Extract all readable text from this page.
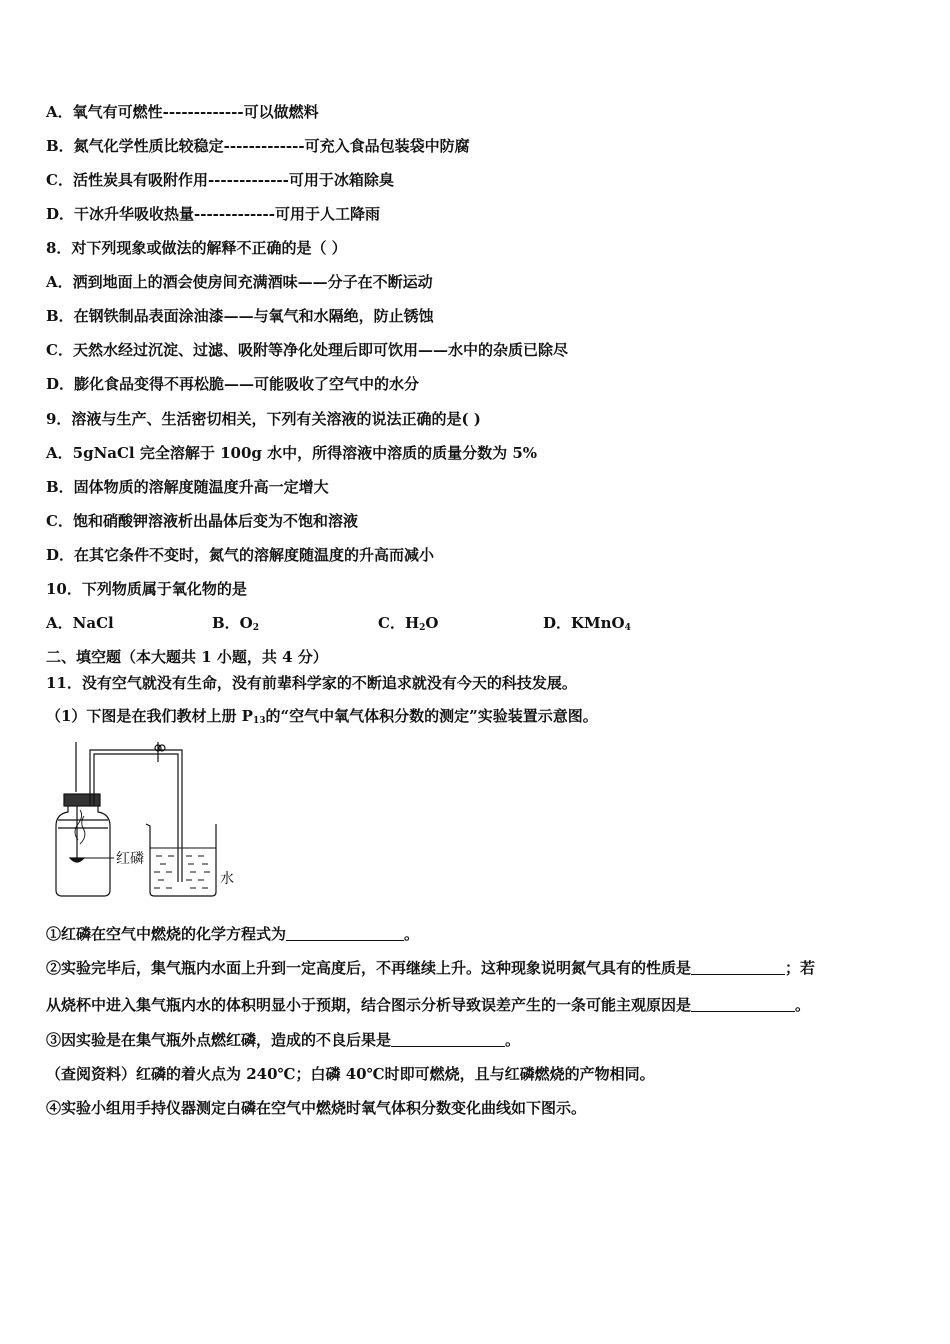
A．氧气有可燃性-------------可以做燃料
B．氮气化学性质比较稳定-------------可充入食品包装袋中防腐
C．活性炭具有吸附作用-------------可用于冰箱除臭
D．干冰升华吸收热量-------------可用于人工降雨
8．对下列现象或做法的解释不正确的是（ ）
A．洒到地面上的酒会使房间充满酒味——分子在不断运动
B．在钢铁制品表面涂油漆——与氧气和水隔绝，防止锈蚀
C．天然水经过沉淀、过滤、吸附等净化处理后即可饮用——水中的杂质已除尽
D．膨化食品变得不再松脆——可能吸收了空气中的水分
9．溶液与生产、生活密切相关，下列有关溶液的说法正确的是( )
A．5gNaCl 完全溶解于 100g 水中，所得溶液中溶质的质量分数为 5%
B．固体物质的溶解度随温度升高一定增大
C．饱和硝酸钾溶液析出晶体后变为不饱和溶液
D．在其它条件不变时，氮气的溶解度随温度的升高而减小
10．下列物质属于氧化物的是
A．NaCl	B．$O_2$	C．$H_2O$	D．KMnO$_4$
二、填空题（本大题共 1 小题，共 4 分）
11．没有空气就没有生命，没有前辈科学家的不断追求就没有今天的科技发展。
（1）下图是在我们教材上册 $P_{13}$的“空气中氧气体积分数的测定”实验装置示意图。
红磷
水
①红磷在空气中燃烧的化学方程式为	。
②实验完毕后，集气瓶内水面上升到一定高度后，不再继续上升。这种现象说明氮气具有的性质是	；若
从烧杯中进入集气瓶内水的体积明显小于预期，结合图示分析导致误差产生的一条可能主观原因是	。
③因实验是在集气瓶外点燃红磷，造成的不良后果是	。
（查阅资料）红磷的着火点为 240℃；白磷 40℃时即可燃烧，且与红磷燃烧的产物相同。
④实验小组用手持仪器测定白磷在空气中燃烧时氧气体积分数变化曲线如下图示。
